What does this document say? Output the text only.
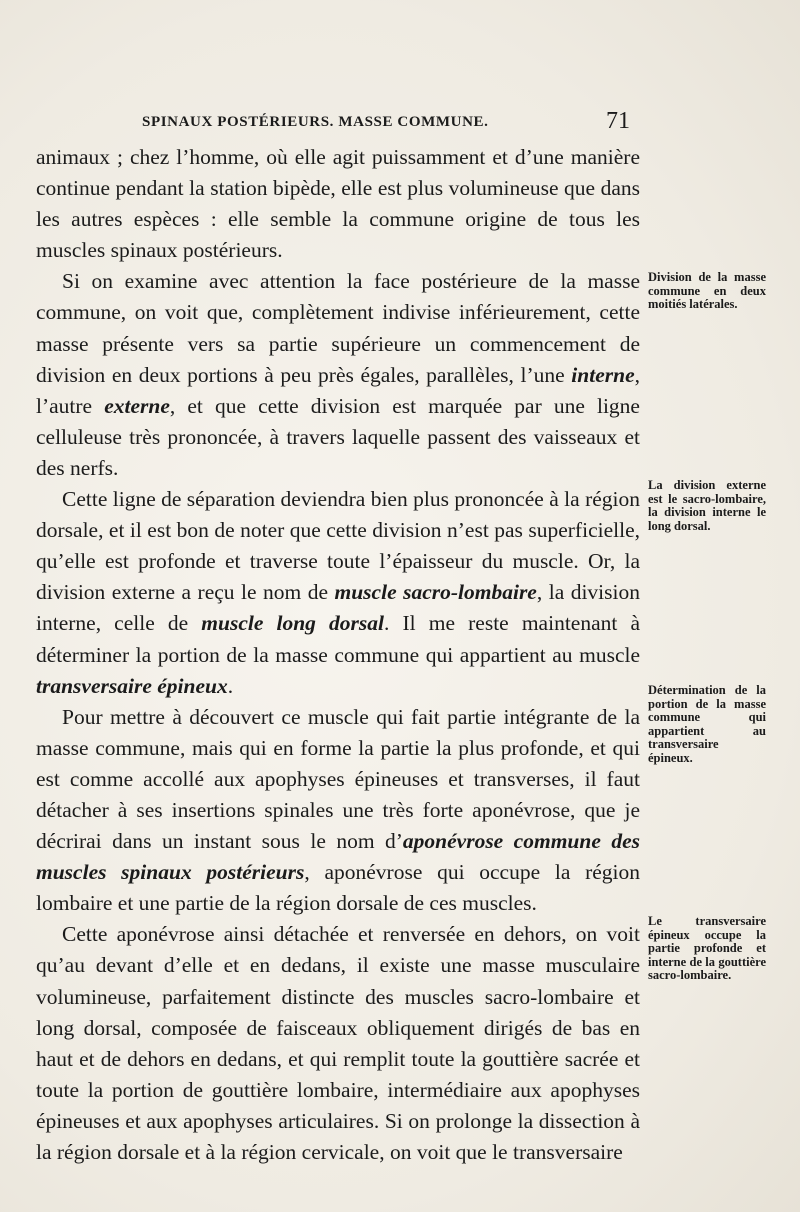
SPINAUX POSTÉRIEURS. MASSE COMMUNE.	71

animaux ; chez l’homme, où elle agit puissamment et d’une manière continue pendant la station bipède, elle est plus volumineuse que dans les autres espèces : elle semble la commune origine de tous les muscles spinaux postérieurs.

Si on examine avec attention la face postérieure de la masse commune, on voit que, complètement indivise inférieurement, cette masse présente vers sa partie supérieure un commencement de division en deux portions à peu près égales, parallèles, l’une interne, l’autre externe, et que cette division est marquée par une ligne celluleuse très prononcée, à travers laquelle passent des vaisseaux et des nerfs.

Cette ligne de séparation deviendra bien plus prononcée à la région dorsale, et il est bon de noter que cette division n’est pas superficielle, qu’elle est profonde et traverse toute l’épaisseur du muscle. Or, la division externe a reçu le nom de muscle sacro-lombaire, la division interne, celle de muscle long dorsal. Il me reste maintenant à déterminer la portion de la masse commune qui appartient au muscle transversaire épineux.

Pour mettre à découvert ce muscle qui fait partie intégrante de la masse commune, mais qui en forme la partie la plus profonde, et qui est comme accollé aux apophyses épineuses et transverses, il faut détacher à ses insertions spinales une très forte aponévrose, que je décrirai dans un instant sous le nom d’aponévrose commune des muscles spinaux postérieurs, aponévrose qui occupe la région lombaire et une partie de la région dorsale de ces muscles.

Cette aponévrose ainsi détachée et renversée en dehors, on voit qu’au devant d’elle et en dedans, il existe une masse musculaire volumineuse, parfaitement distincte des muscles sacro-lombaire et long dorsal, composée de faisceaux obliquement dirigés de bas en haut et de dehors en dedans, et qui remplit toute la gouttière sacrée et toute la portion de gouttière lombaire, intermédiaire aux apophyses épineuses et aux apophyses articulaires. Si on prolonge la dissection à la région dorsale et à la région cervicale, on voit que le transversaire

Division de la masse commune en deux moitiés latérales.
La division externe est le sacro-lombaire, la division interne le long dorsal.
Détermination de la portion de la masse commune qui appartient au transversaire épineux.
Le transversaire épineux occupe la partie profonde et interne de la gouttière sacro-lombaire.
